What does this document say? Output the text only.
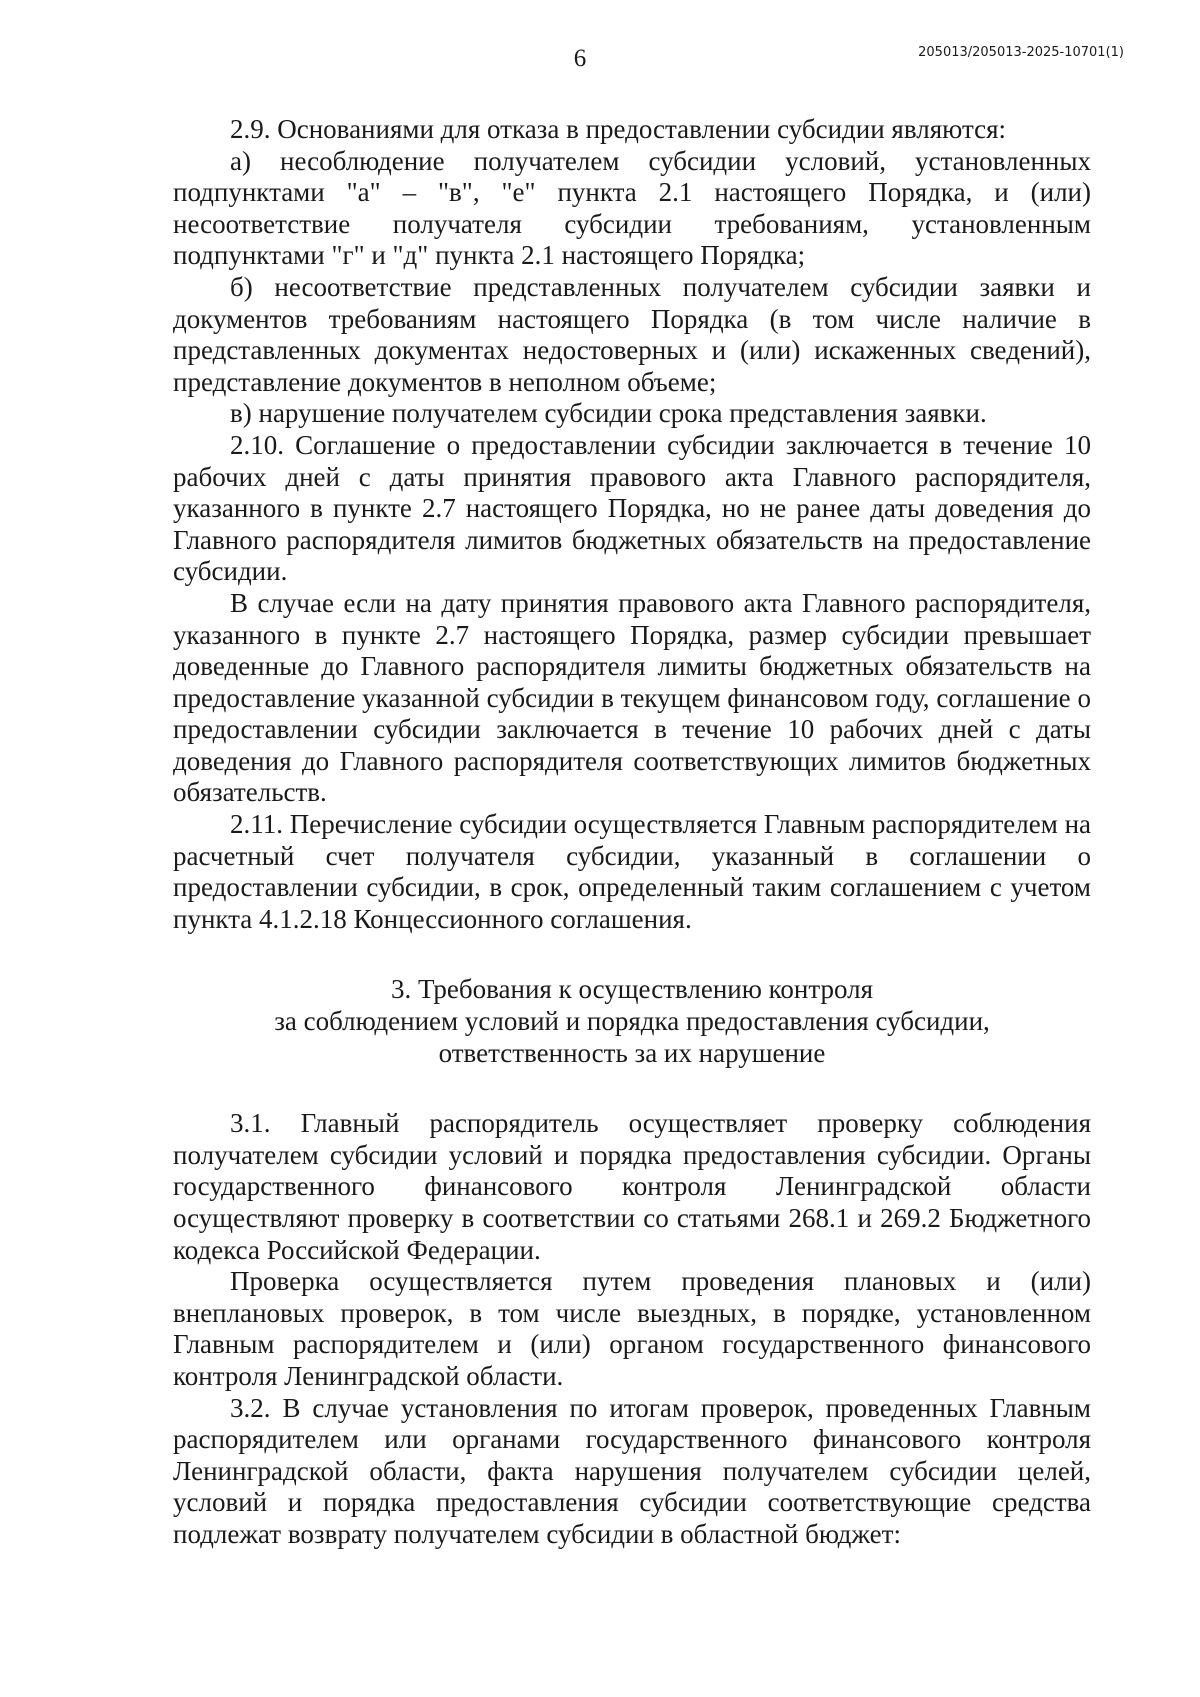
6	205013/205013-2025-10701(1)

2.9. Основаниями для отказа в предоставлении субсидии являются:

а) несоблюдение получателем субсидии условий, установленных подпунктами "а" – "в", "е" пункта 2.1 настоящего Порядка, и (или) несоответствие получателя субсидии требованиям, установленным подпунктами "г" и "д" пункта 2.1 настоящего Порядка;

б) несоответствие представленных получателем субсидии заявки и документов требованиям настоящего Порядка (в том числе наличие в представленных документах недостоверных и (или) искаженных сведений), представление документов в неполном объеме;

в) нарушение получателем субсидии срока представления заявки.

2.10. Соглашение о предоставлении субсидии заключается в течение 10 рабочих дней с даты принятия правового акта Главного распорядителя, указанного в пункте 2.7 настоящего Порядка, но не ранее даты доведения до Главного распорядителя лимитов бюджетных обязательств на предоставление субсидии.

В случае если на дату принятия правового акта Главного распорядителя, указанного в пункте 2.7 настоящего Порядка, размер субсидии превышает доведенные до Главного распорядителя лимиты бюджетных обязательств на предоставление указанной субсидии в текущем финансовом году, соглашение о предоставлении субсидии заключается в течение 10 рабочих дней с даты доведения до Главного распорядителя соответствующих лимитов бюджетных обязательств.

2.11. Перечисление субсидии осуществляется Главным распорядителем на расчетный счет получателя субсидии, указанный в соглашении о предоставлении субсидии, в срок, определенный таким соглашением с учетом пункта 4.1.2.18 Концессионного соглашения.

3. Требования к осуществлению контроля

за соблюдением условий и порядка предоставления субсидии,

ответственность за их нарушение

3.1. Главный распорядитель осуществляет проверку соблюдения получателем субсидии условий и порядка предоставления субсидии. Органы государственного финансового контроля Ленинградской области осуществляют проверку в соответствии со статьями 268.1 и 269.2 Бюджетного кодекса Российской Федерации.

Проверка осуществляется путем проведения плановых и (или) внеплановых проверок, в том числе выездных, в порядке, установленном Главным распорядителем и (или) органом государственного финансового контроля Ленинградской области.

3.2. В случае установления по итогам проверок, проведенных Главным распорядителем или органами государственного финансового контроля Ленинградской области, факта нарушения получателем субсидии целей, условий и порядка предоставления субсидии соответствующие средства подлежат возврату получателем субсидии в областной бюджет:
